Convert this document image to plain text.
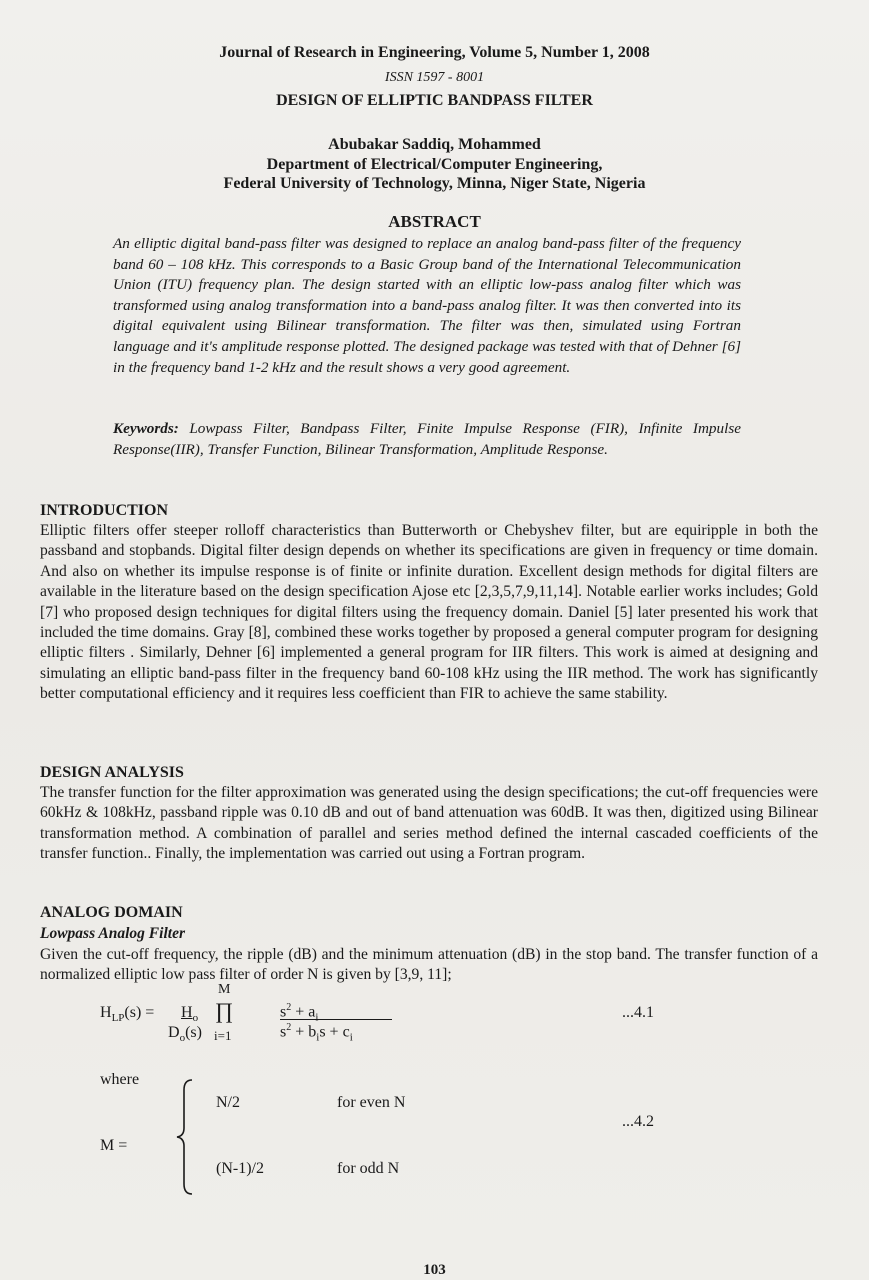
Journal of Research in Engineering, Volume 5, Number 1, 2008
ISSN 1597 - 8001
DESIGN OF ELLIPTIC BANDPASS FILTER
Abubakar Saddiq, Mohammed
Department of Electrical/Computer Engineering,
Federal University of Technology, Minna, Niger State, Nigeria
ABSTRACT
An elliptic digital band-pass filter was designed to replace an analog band-pass filter of the frequency band 60 – 108 kHz. This corresponds to a Basic Group band of the International Telecommunication Union (ITU) frequency plan. The design started with an elliptic low-pass analog filter which was transformed using analog transformation into a band-pass analog filter. It was then converted into its digital equivalent using Bilinear transformation. The filter was then, simulated using Fortran language and it's amplitude response plotted. The designed package was tested with that of Dehner [6] in the frequency band 1-2 kHz and the result shows a very good agreement.
Keywords: Lowpass Filter, Bandpass Filter, Finite Impulse Response (FIR), Infinite Impulse Response(IIR), Transfer Function, Bilinear Transformation, Amplitude Response.
INTRODUCTION
Elliptic filters offer steeper rolloff characteristics than Butterworth or Chebyshev filter, but are equiripple in both the passband and stopbands. Digital filter design depends on whether its specifications are given in frequency or time domain. And also on whether its impulse response is of finite or infinite duration. Excellent design methods for digital filters are available in the literature based on the design specification Ajose etc [2,3,5,7,9,11,14]. Notable earlier works includes; Gold [7] who proposed design techniques for digital filters using the frequency domain. Daniel [5] later presented his work that included the time domains. Gray [8], combined these works together by proposed a general computer program for designing elliptic filters . Similarly, Dehner [6] implemented a general program for IIR filters. This work is aimed at designing and simulating an elliptic band-pass filter in the frequency band 60-108 kHz using the IIR method. The work has significantly better computational efficiency and it requires less coefficient than FIR to achieve the same stability.
DESIGN ANALYSIS
The transfer function for the filter approximation was generated using the design specifications; the cut-off frequencies were 60kHz & 108kHz, passband ripple was 0.10 dB and out of band attenuation was 60dB. It was then, digitized using Bilinear transformation method. A combination of parallel and series method defined the internal cascaded coefficients of the transfer function.. Finally, the implementation was carried out using a Fortran program.
ANALOG DOMAIN
Lowpass Analog Filter
Given the cut-off frequency, the ripple (dB) and the minimum attenuation (dB) in the stop band. The transfer function of a normalized elliptic low pass filter of order N is given by [3,9, 11];
$H_{LP}(s) = H_o$
$D_o(s)$
M
∏
i=1
$s^2 + a_i$
$s^2 + b_is + c_i$
...4.1
where
M =
N/2	for even N
(N-1)/2	for odd N
...4.2
103
